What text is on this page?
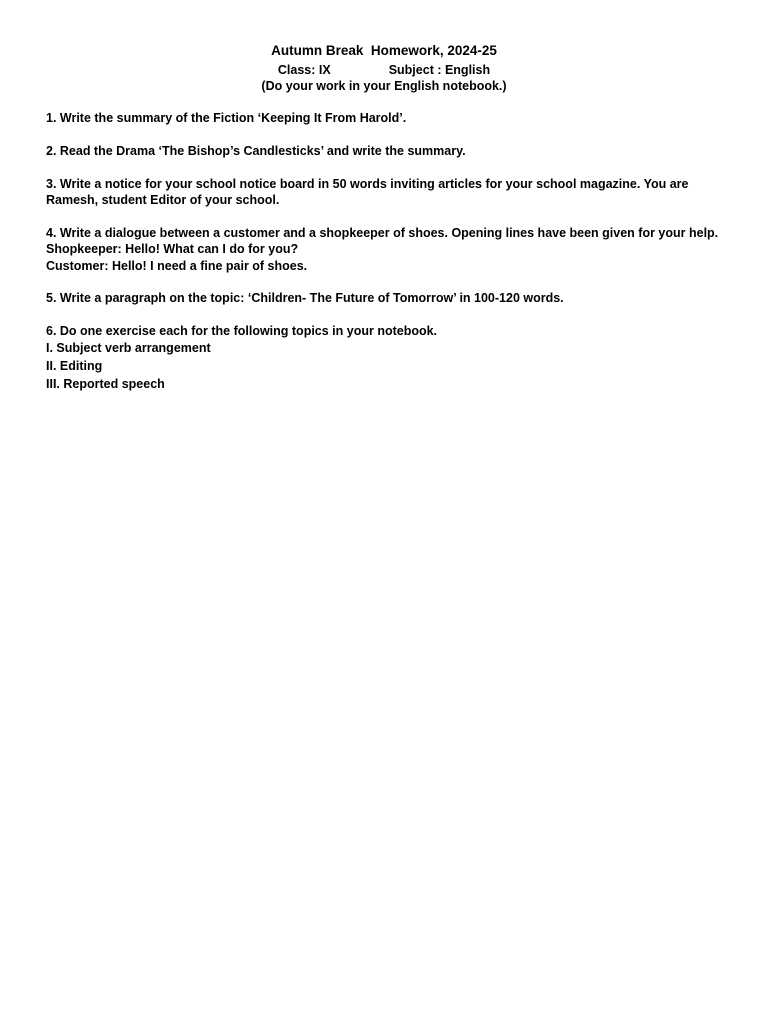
Autumn Break  Homework, 2024-25
Class: IX	Subject : English
(Do your work in your English notebook.)
1. Write the summary of the Fiction ‘Keeping It From Harold’.
2. Read the Drama ‘The Bishop’s Candlesticks’ and write the summary.
3. Write a notice for your school notice board in 50 words inviting articles for your school magazine. You are
Ramesh, student Editor of your school.
4. Write a dialogue between a customer and a shopkeeper of shoes. Opening lines have been given for your help.
Shopkeeper: Hello! What can I do for you?
Customer: Hello! I need a fine pair of shoes.
5. Write a paragraph on the topic: ‘Children- The Future of Tomorrow’ in 100-120 words.
6. Do one exercise each for the following topics in your notebook.
I. Subject verb arrangement
II. Editing
III. Reported speech
